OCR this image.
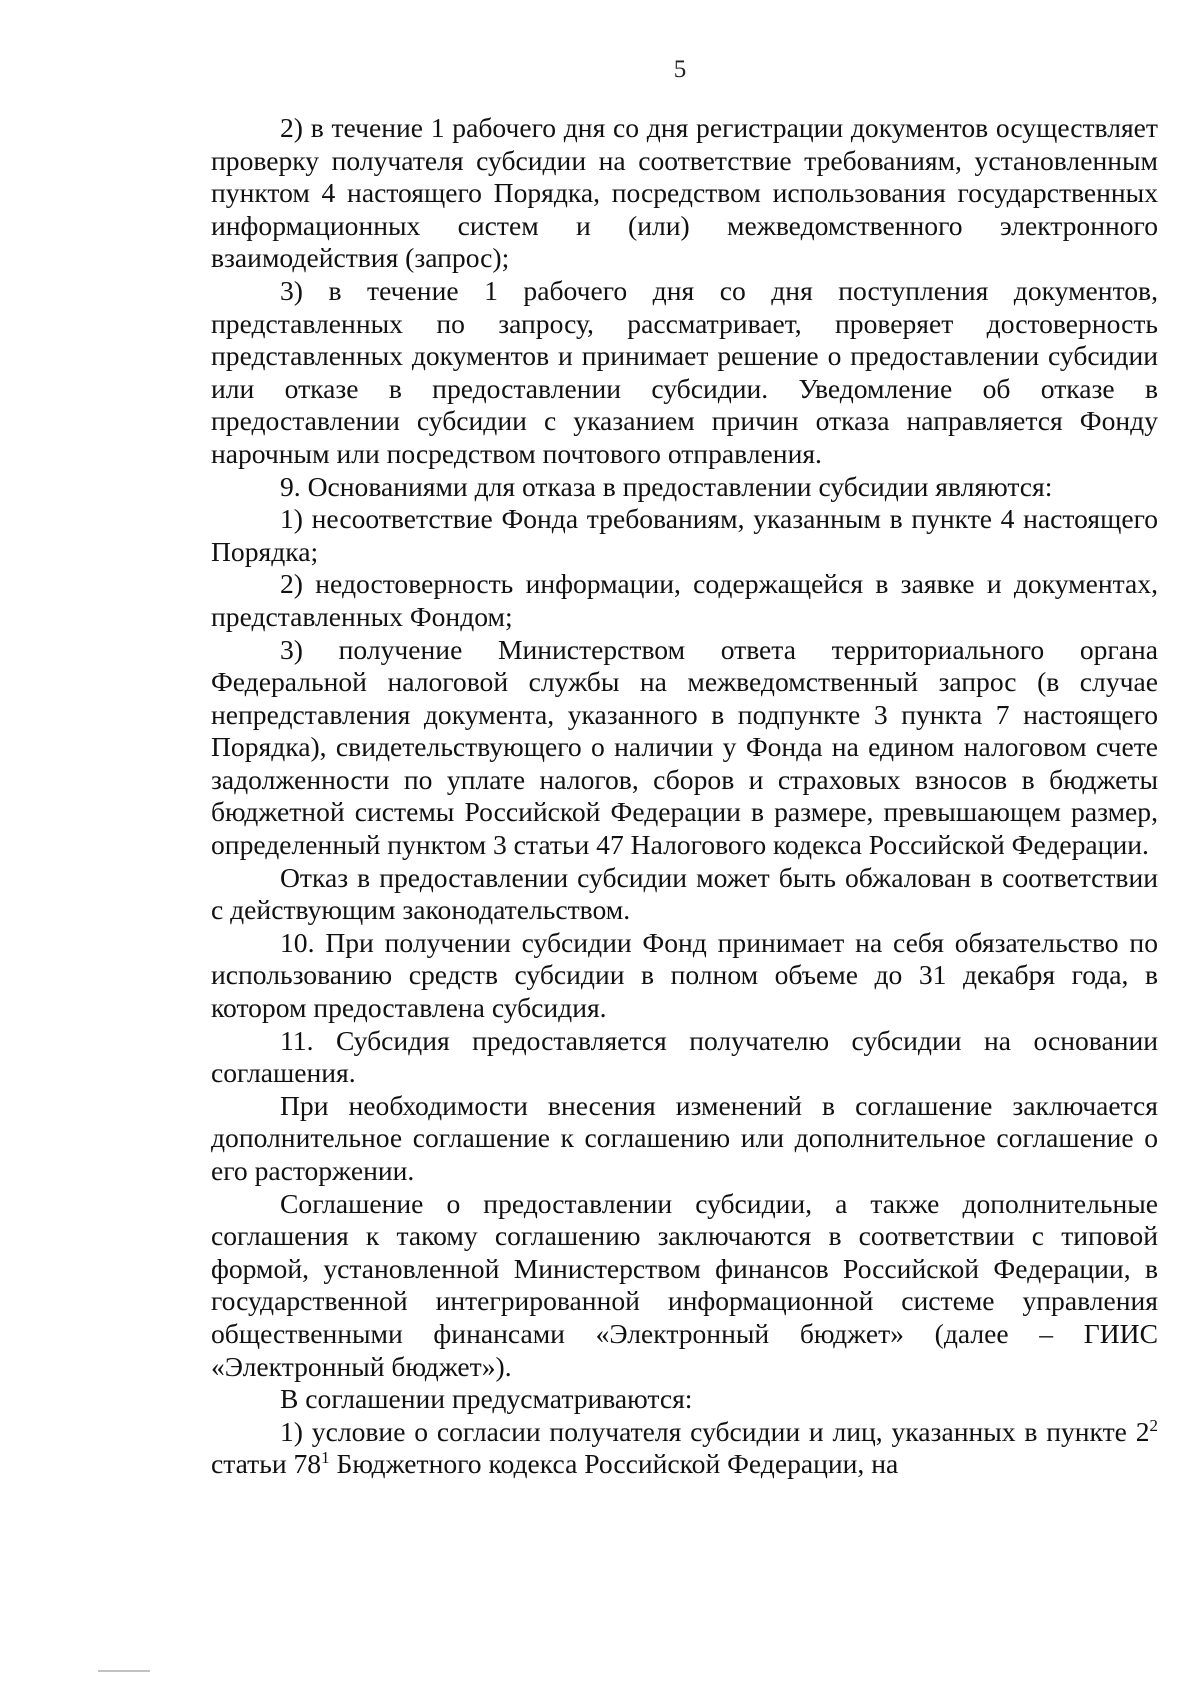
5

2) в течение 1 рабочего дня со дня регистрации документов осуществляет проверку получателя субсидии на соответствие требованиям, установленным пунктом 4 настоящего Порядка, посредством использования государственных информационных систем и (или) межведомственного электронного взаимодействия (запрос);

3) в течение 1 рабочего дня со дня поступления документов, представленных по запросу, рассматривает, проверяет достоверность представленных документов и принимает решение о предоставлении субсидии или отказе в предоставлении субсидии. Уведомление об отказе в предоставлении субсидии с указанием причин отказа направляется Фонду нарочным или посредством почтового отправления.

9. Основаниями для отказа в предоставлении субсидии являются:

1) несоответствие Фонда требованиям, указанным в пункте 4 настоящего Порядка;

2) недостоверность информации, содержащейся в заявке и документах, представленных Фондом;

3) получение Министерством ответа территориального органа Федеральной налоговой службы на межведомственный запрос (в случае непредставления документа, указанного в подпункте 3 пункта 7 настоящего Порядка), свидетельствующего о наличии у Фонда на едином налоговом счете задолженности по уплате налогов, сборов и страховых взносов в бюджеты бюджетной системы Российской Федерации в размере, превышающем размер, определенный пунктом 3 статьи 47 Налогового кодекса Российской Федерации.

Отказ в предоставлении субсидии может быть обжалован в соответствии с действующим законодательством.

10. При получении субсидии Фонд принимает на себя обязательство по использованию средств субсидии в полном объеме до 31 декабря года, в котором предоставлена субсидия.

11. Субсидия предоставляется получателю субсидии на основании соглашения.

При необходимости внесения изменений в соглашение заключается дополнительное соглашение к соглашению или дополнительное соглашение о его расторжении.

Соглашение о предоставлении субсидии, а также дополнительные соглашения к такому соглашению заключаются в соответствии с типовой формой, установленной Министерством финансов Российской Федерации, в государственной интегрированной информационной системе управления общественными финансами «Электронный бюджет» (далее – ГИИС «Электронный бюджет»).

В соглашении предусматриваются:

1) условие о согласии получателя субсидии и лиц, указанных в пункте $2^2$ статьи $78^1$ Бюджетного кодекса Российской Федерации, на
